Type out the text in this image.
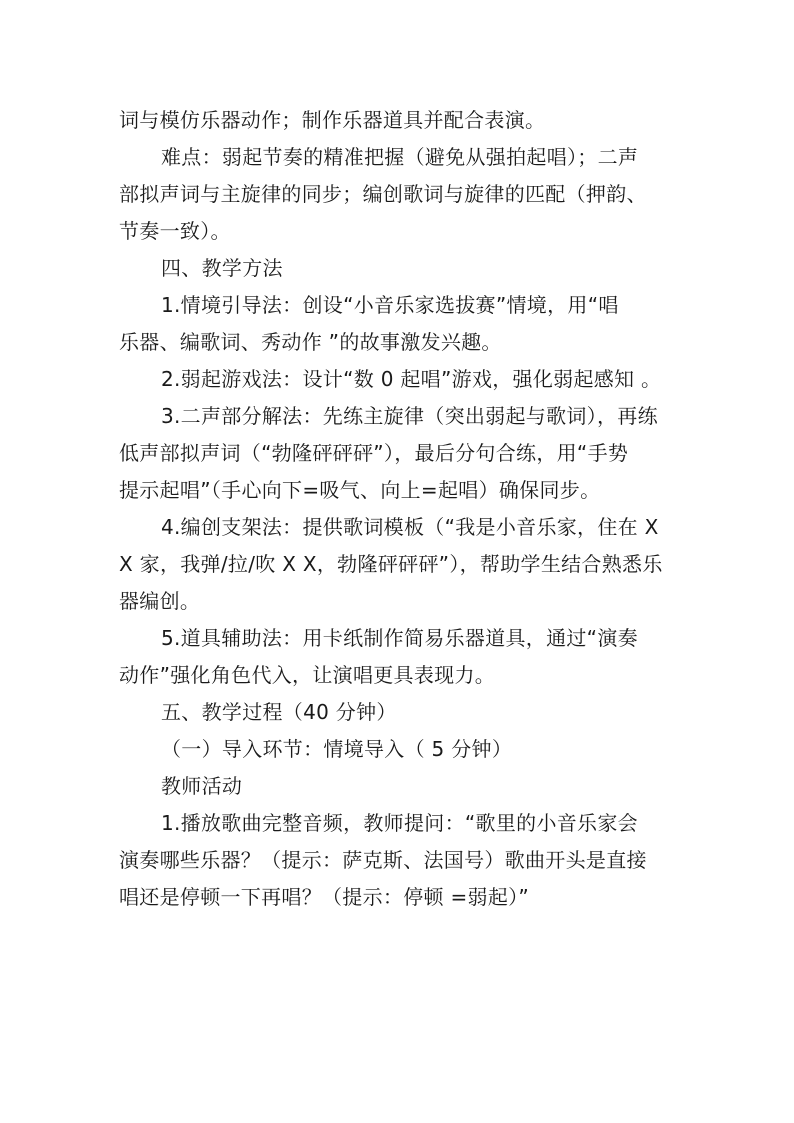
词与模仿乐器动作；制作乐器道具并配合表演。
难点：弱起节奏的精准把握（避免从强拍起唱）；二声
部拟声词与主旋律的同步；编创歌词与旋律的匹配（押韵、
节奏一致）。
四、教学方法
1.情境引导法：创设“小音乐家选拔赛”情境，用“唱
乐器、编歌词、秀动作 ”的故事激发兴趣。
2.弱起游戏法：设计“数 0 起唱”游戏，强化弱起感知 。
3.二声部分解法：先练主旋律（突出弱起与歌词），再练
低声部拟声词（“勃隆砰砰砰”），最后分句合练，用“手势
提示起唱”（手心向下=吸气、向上=起唱）确保同步。
4.编创支架法：提供歌词模板（“我是小音乐家，住在 X
X 家，我弹/拉/吹 X X，勃隆砰砰砰”），帮助学生结合熟悉乐
器编创。
5.道具辅助法：用卡纸制作简易乐器道具，通过“演奏
动作”强化角色代入，让演唱更具表现力。
五、教学过程（40 分钟）
（一）导入环节：情境导入（ 5 分钟）
教师活动
1.播放歌曲完整音频，教师提问：“歌里的小音乐家会
演奏哪些乐器？（提示：萨克斯、法国号）歌曲开头是直接
唱还是停顿一下再唱？（提示：停顿 =弱起）”
